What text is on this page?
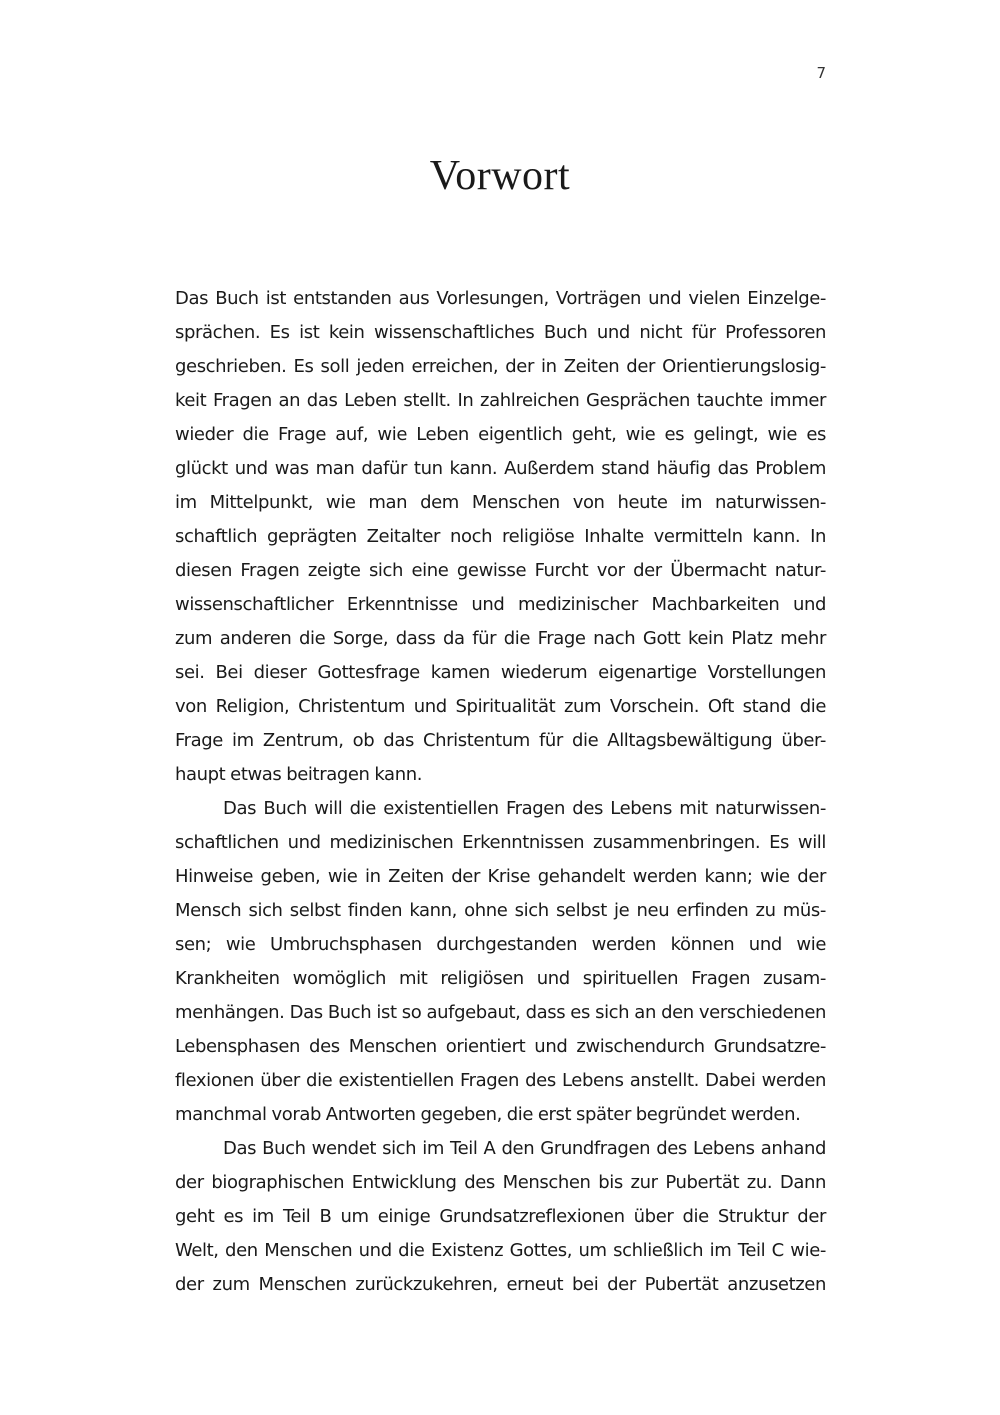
7
Vorwort
Das Buch ist entstanden aus Vorlesungen, Vorträgen und vielen Einzelge-
sprächen. Es ist kein wissenschaftliches Buch und nicht für Professoren
geschrieben. Es soll jeden erreichen, der in Zeiten der Orientierungslosig-
keit Fragen an das Leben stellt. In zahlreichen Gesprächen tauchte immer
wieder die Frage auf, wie Leben eigentlich geht, wie es gelingt, wie es
glückt und was man dafür tun kann. Außerdem stand häufig das Problem
im Mittelpunkt, wie man dem Menschen von heute im naturwissen-
schaftlich geprägten Zeitalter noch religiöse Inhalte vermitteln kann. In
diesen Fragen zeigte sich eine gewisse Furcht vor der Übermacht natur-
wissenschaftlicher Erkenntnisse und medizinischer Machbarkeiten und
zum anderen die Sorge, dass da für die Frage nach Gott kein Platz mehr
sei. Bei dieser Gottesfrage kamen wiederum eigenartige Vorstellungen
von Religion, Christentum und Spiritualität zum Vorschein. Oft stand die
Frage im Zentrum, ob das Christentum für die Alltagsbewältigung über-
haupt etwas beitragen kann.
Das Buch will die existentiellen Fragen des Lebens mit naturwissen-
schaftlichen und medizinischen Erkenntnissen zusammenbringen. Es will
Hinweise geben, wie in Zeiten der Krise gehandelt werden kann; wie der
Mensch sich selbst finden kann, ohne sich selbst je neu erfinden zu müs-
sen; wie Umbruchsphasen durchgestanden werden können und wie
Krankheiten womöglich mit religiösen und spirituellen Fragen zusam-
menhängen. Das Buch ist so aufgebaut, dass es sich an den verschiedenen
Lebensphasen des Menschen orientiert und zwischendurch Grundsatzre-
flexionen über die existentiellen Fragen des Lebens anstellt. Dabei werden
manchmal vorab Antworten gegeben, die erst später begründet werden.
Das Buch wendet sich im Teil A den Grundfragen des Lebens anhand
der biographischen Entwicklung des Menschen bis zur Pubertät zu. Dann
geht es im Teil B um einige Grundsatzreflexionen über die Struktur der
Welt, den Menschen und die Existenz Gottes, um schließlich im Teil C wie-
der zum Menschen zurückzukehren, erneut bei der Pubertät anzusetzen
